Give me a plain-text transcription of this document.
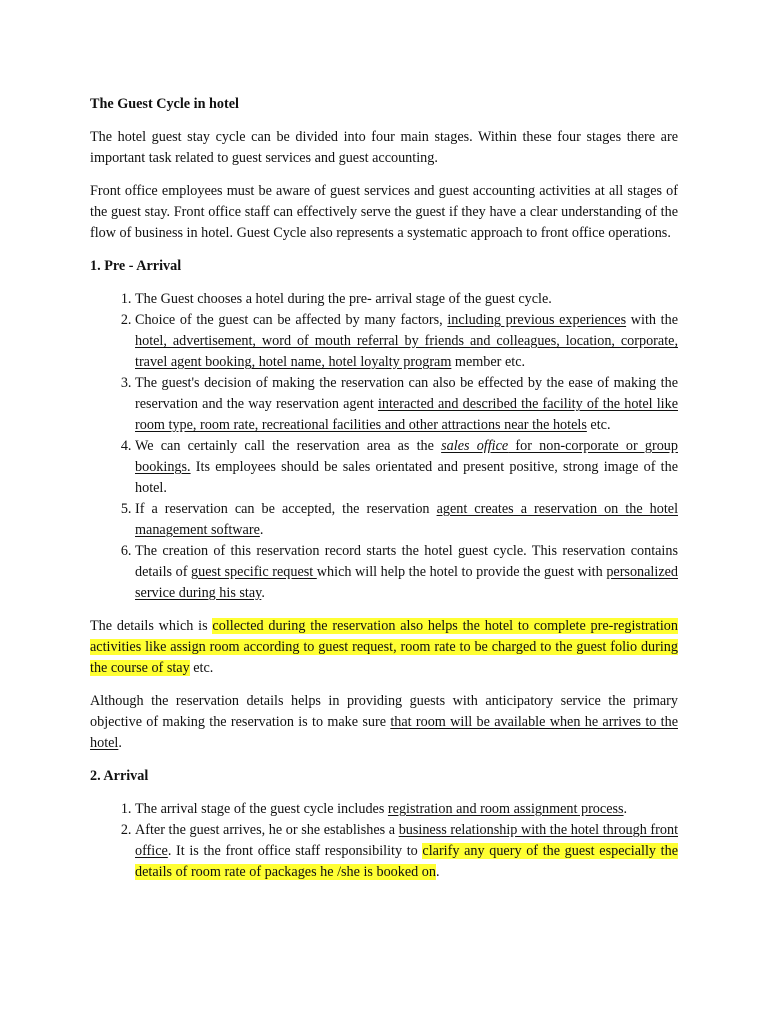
The Guest Cycle in hotel

The hotel guest stay cycle can be divided into four main stages. Within these four stages there are important task related to guest services and guest accounting.

Front office employees must be aware of guest services and guest accounting activities at all stages of the guest stay. Front office staff can effectively serve the guest if they have a clear understanding of the flow of business in hotel. Guest Cycle also represents a systematic approach to front office operations.

1. Pre - Arrival

1. The Guest chooses a hotel during the pre- arrival stage of the guest cycle.
2. Choice of the guest can be affected by many factors, including previous experiences with the hotel, advertisement, word of mouth referral by friends and colleagues, location, corporate, travel agent booking, hotel name, hotel loyalty program member etc.
3. The guest's decision of making the reservation can also be effected by the ease of making the reservation and the way reservation agent interacted and described the facility of the hotel like room type, room rate, recreational facilities and other attractions near the hotels etc.
4. We can certainly call the reservation area as the sales office for non-corporate or group bookings. Its employees should be sales orientated and present positive, strong image of the hotel.
5. If a reservation can be accepted, the reservation agent creates a reservation on the hotel management software.
6. The creation of this reservation record starts the hotel guest cycle. This reservation contains details of guest specific request which will help the hotel to provide the guest with personalized service during his stay.

The details which is collected during the reservation also helps the hotel to complete pre-registration activities like assign room according to guest request, room rate to be charged to the guest folio during the course of stay etc.

Although the reservation details helps in providing guests with anticipatory service the primary objective of making the reservation is to make sure that room will be available when he arrives to the hotel.

2. Arrival

1. The arrival stage of the guest cycle includes registration and room assignment process.
2. After the guest arrives, he or she establishes a business relationship with the hotel through front office. It is the front office staff responsibility to clarify any query of the guest especially the details of room rate of packages he /she is booked on.
